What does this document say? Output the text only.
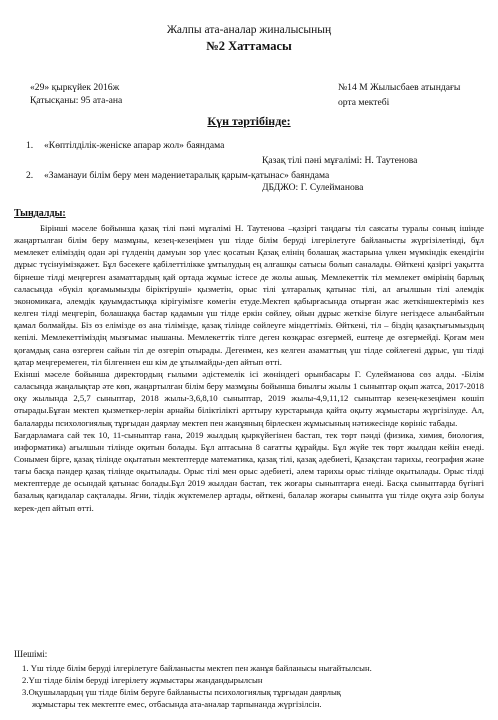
Жалпы ата-аналар жиналысының
№2 Хаттамасы
«29» қыркүйек 2016ж
Қатысқаны: 95 ата-ана
№14 М Жылысбаев атындағы
орта мектебі
Күн тәртібінде:
1. «Көптілділік-женіске апарар жол» баяндама
Қазақ тілі пәні мұғалімі: Н. Таутенова
2. «Заманауи білім беру мен мәдениетаралық қарым-қатынас» баяндама
ДБДЖО: Г. Сулейманова
Тыңдалды:

Бірінші мәселе бойынша қазақ тілі пәні мұғалімі Н. Таутенова –қазіргі таңдағы тіл саясаты туралы соның ішінде жаңартылған білім беру мазмұны, кезең-кезеңімен үш тілде білім беруді ілгерілетуге байланысты жүргізілетінді, бұл мемлекет еліміздің одан әрі гүлденің дамуын зор үлес қосатын Қазақ елінің болашақ жастарына үлкен мүмкіндік екендігін дұрыс түсінуімізқажет. Бұл бәсекеге қабілеттілікке ұмтылудың ең алғашқы сатысы болып саналады. Өйткені қазіргі уақытта бірнеше тілді меңгерген азаматтардың қай ортада жұмыс істесе де жолы ашық. Мемлекеттік тіл мемлекет өмірінің барлық саласында «бүкіл қоғамымызды біріктіруші» қызметін, орыс тілі ұлтаралық қатынас тілі, ал ағылшын тілі әлемдік экономикаға, әлемдік қауымдастыққа кірігуімізге көмегін етуде.Мектеп қабырғасында отырған жас жеткіншектеріміз кез келген тілді меңгеріп, болашаққа бастар қадамын үш тілде еркін сөйлеу, ойын дұрыс жеткізе білуге негіздесе алынбайтын қамал болмайды. Біз өз елімізде өз ана тілімізде, қазақ тілінде сөйлеуге міндеттіміз. Өйткені, тіл – біздің қазақтығымыздың кепілі. Мемлекеттіміздің мызғымас нышаны. Мемлекеттік тілге деген көзқарас өзгермей, ештеңе де өзгермейді. Қоғам мен қоғамдық сана өзгерген сайын тіл де өзгеріп отырады. Дегенмен, кез келген азаматтың үш тілде сөйлегені дұрыс, үш тілді қатар меңгеремеген, тіл білгеннен еш кім де ұтылмайды-деп айтып өтті.

Екінші мәселе бойынша директордың ғылыми әдістемелік ісі жөніндегі орынбасары Г. Сулейманова сөз алды. -Білім саласында жаңалықтар әте көп, жаңартылған білім беру мазмұны бойынша биылғы жылы 1 сыныптар оқып жатса, 2017-2018 оқу жылында 2,5,7 сыныптар, 2018 жылы-3,6,8,10 сыныптар, 2019 жылы-4,9,11,12 сыныптар кезең-кезеңімен көшіп отырады.Бұған мектеп қызметкер-лерін арнайы біліктілікті арттыру курстарында қайта оқыту жұмыстары жүргізілуде. Ал, балаларды психологиялық тұрғыдан даярлау мектеп пен жанұяның бірлескен жұмысының нәтижесінде көрініс табады.

Бағдарламаға сай тек 10, 11-сыныптар ғана, 2019 жылдың қыркүйегінен бастап, тек төрт пәнді (физика, химия, биология, информатика) ағылшын тілінде оқитын болады. Бұл аптасына 8 сағатты құрайды. Бұл жүйе тек төрт жылдан кейін енеді. Сонымен бірге, қазақ тілінде оқытатын мектептерде математика, қазақ тілі, қазақ әдебиеті, Қазақстан тарихы, география және тағы басқа пәндер қазақ тілінде оқытылады. Орыс тілі мен орыс әдебиеті, әлем тарихы орыс тілінде оқытылады. Орыс тілді мектептерде де осындай қатынас болады.Бұл 2019 жылдан бастап, тек жоғары сыныптарға енеді. Басқа сыныптарда бүгінгі базалық қағидалар сақталады. Яғни, тілдік жүктемелер артады, өйткені, балалар жоғары сыныпта үш тілде оқуға әзір болуы керек-деп айтып өтті.

Шешімі:
1. Үш тілде білім беруді ілгерілетуге байланысты мектеп пен жанұя байланысы нығайтылсын.
2.Үш тілде білім беруді ілгерілету жұмыстары жандандырылсын
3.Оқушылардың үш тілде білім беруге байланысты психологиялық тұрғыдан даярлық
жұмыстары тек мектепте емес, отбасында ата-аналар тарпынанда жүргізілсін.
